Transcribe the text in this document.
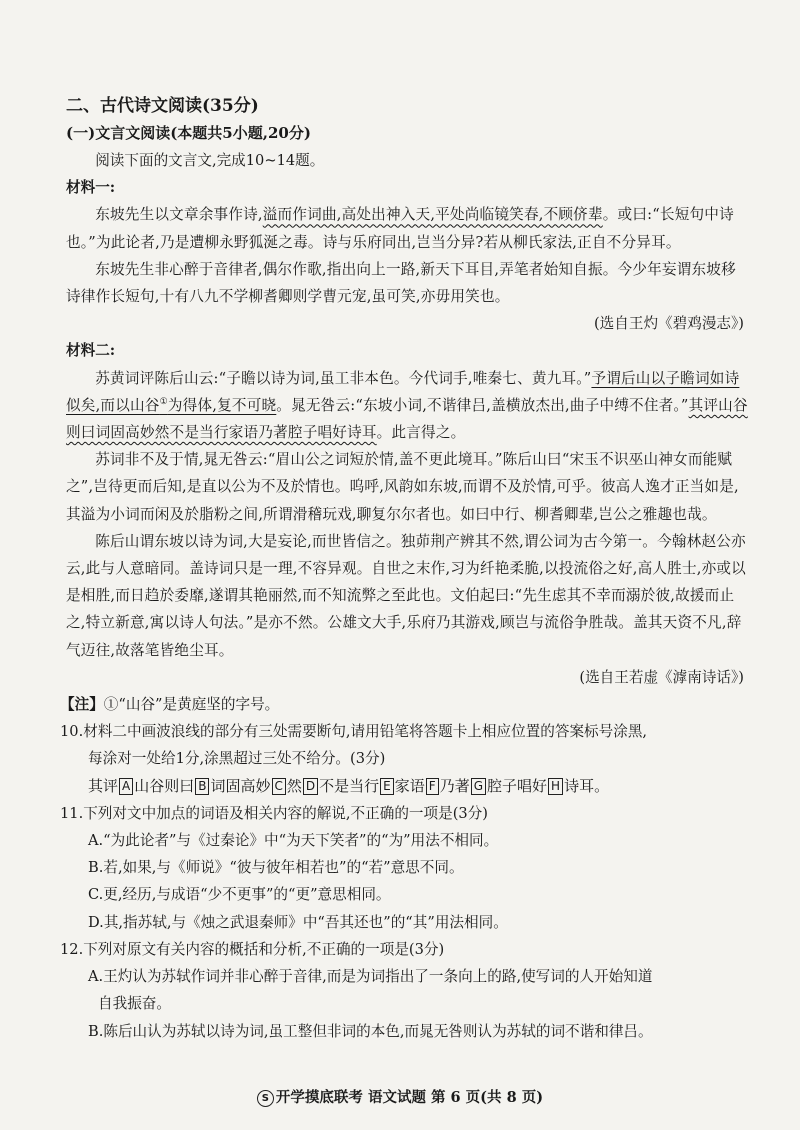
二、古代诗文阅读(35分)
(一)文言文阅读(本题共5小题,20分)
阅读下面的文言文,完成10~14题。
材料一:

东坡先生以文章余事作诗,溢而作词曲,高处出神入天,平处尚临镜笑春,不顾侪辈。或曰:“长短句中诗也。”为此论者,乃是遭柳永野狐涎之毒。诗与乐府同出,岂当分异?若从柳氏家法,正自不分异耳。

东坡先生非心醉于音律者,偶尔作歌,指出向上一路,新天下耳目,弄笔者始知自振。今少年妄谓东坡移诗律作长短句,十有八九不学柳耆卿则学曹元宠,虽可笑,亦毋用笑也。

(选自王灼《碧鸡漫志》)
材料二:

苏黄词评陈后山云:“子瞻以诗为词,虽工非本色。今代词手,唯秦七、黄九耳。”予谓后山以子瞻词如诗似矣,而以山谷①为得体,复不可晓。晁无咎云:“东坡小词,不谐律吕,盖横放杰出,曲子中缚不住者。”其评山谷则曰词固高妙然不是当行家语乃著腔子唱好诗耳。此言得之。

苏词非不及于情,晁无咎云:“眉山公之词短於情,盖不更此境耳。”陈后山曰“宋玉不识巫山神女而能赋之”,岂待更而后知,是直以公为不及於情也。呜呼,风韵如东坡,而谓不及於情,可乎。彼高人逸才正当如是,其溢为小词而闲及於脂粉之间,所谓滑稽玩戏,聊复尔尔者也。如曰中行、柳耆卿辈,岂公之雅趣也哉。

陈后山谓东坡以诗为词,大是妄论,而世皆信之。独茆荆产辨其不然,谓公词为古今第一。今翰林赵公亦云,此与人意暗同。盖诗词只是一理,不容异观。自世之末作,习为纤艳柔脆,以投流俗之好,高人胜士,亦或以是相胜,而日趋於委靡,遂谓其艳丽然,而不知流弊之至此也。文伯起曰:“先生虑其不幸而溺於彼,故援而止之,特立新意,寓以诗人句法。”是亦不然。公雄文大手,乐府乃其游戏,顾岂与流俗争胜哉。盖其天资不凡,辞气迈往,故落笔皆绝尘耳。

(选自王若虚《滹南诗话》)
【注】①“山谷”是黄庭坚的字号。
10.材料二中画波浪线的部分有三处需要断句,请用铅笔将答题卡上相应位置的答案标号涂黑,
每涂对一处给1分,涂黑超过三处不给分。(3分)
其评 A 山谷则曰 B 词固高妙 C 然 D 不是当行 E 家语 F 乃著 G 腔子唱好 H 诗耳。
11.下列对文中加点的词语及相关内容的解说,不正确的一项是(3分)
A.“为此论者”与《过秦论》中“为天下笑者”的“为”用法不相同。
B.若,如果,与《师说》“彼与彼年相若也”的“若”意思不同。
C.更,经历,与成语“少不更事”的“更”意思相同。
D.其,指苏轼,与《烛之武退秦师》中“吾其还也”的“其”用法相同。
12.下列对原文有关内容的概括和分析,不正确的一项是(3分)
A.王灼认为苏轼作词并非心醉于音律,而是为词指出了一条向上的路,使写词的人开始知道
自我振奋。
B.陈后山认为苏轼以诗为词,虽工整但非词的本色,而晁无咎则认为苏轼的词不谐和律吕。
S 开学摸底联考 语文试题 第 6 页(共 8 页)
